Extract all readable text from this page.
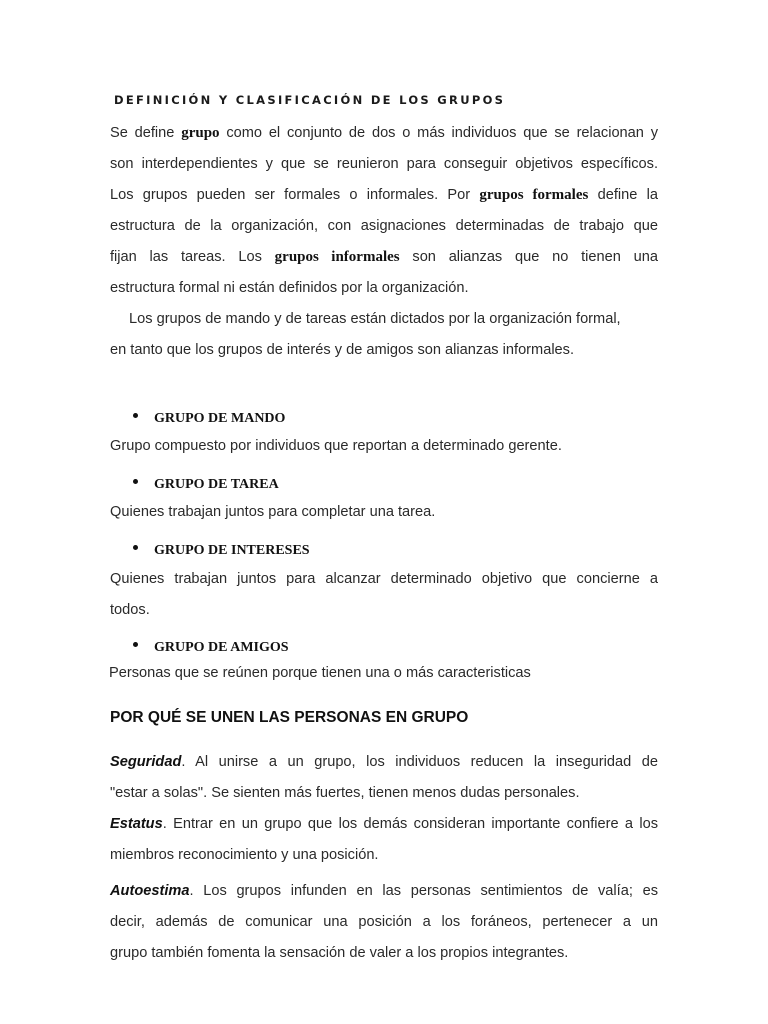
DEFINICIÓN Y CLASIFICACIÓN DE LOS GRUPOS

Se define grupo como el conjunto de dos o más individuos que se relacionan y
son interdependientes y que se reunieron para conseguir objetivos específicos.
Los grupos pueden ser formales o informales. Por grupos formales define la
estructura de la organización, con asignaciones determinadas de trabajo que
fijan las tareas. Los grupos informales son alianzas que no tienen una
estructura formal ni están definidos por la organización.

Los grupos de mando y de tareas están dictados por la organización formal,
en tanto que los grupos de interés y de amigos son alianzas informales.

GRUPO DE MANDO

Grupo compuesto por individuos que reportan a determinado gerente.

GRUPO DE TAREA

Quienes trabajan juntos para completar una tarea.

GRUPO DE INTERESES

Quienes trabajan juntos para alcanzar determinado objetivo que concierne a
todos.

GRUPO DE AMIGOS

Personas que se reúnen porque tienen una o más caracteristicas

POR QUÉ SE UNEN LAS PERSONAS EN GRUPO

Seguridad. Al unirse a un grupo, los individuos reducen la inseguridad de
"estar a solas". Se sienten más fuertes, tienen menos dudas personales.

Estatus. Entrar en un grupo que los demás consideran importante confiere a los
miembros reconocimiento y una posición.

Autoestima. Los grupos infunden en las personas sentimientos de valía; es
decir, además de comunicar una posición a los foráneos, pertenecer a un
grupo también fomenta la sensación de valer a los propios integrantes.
